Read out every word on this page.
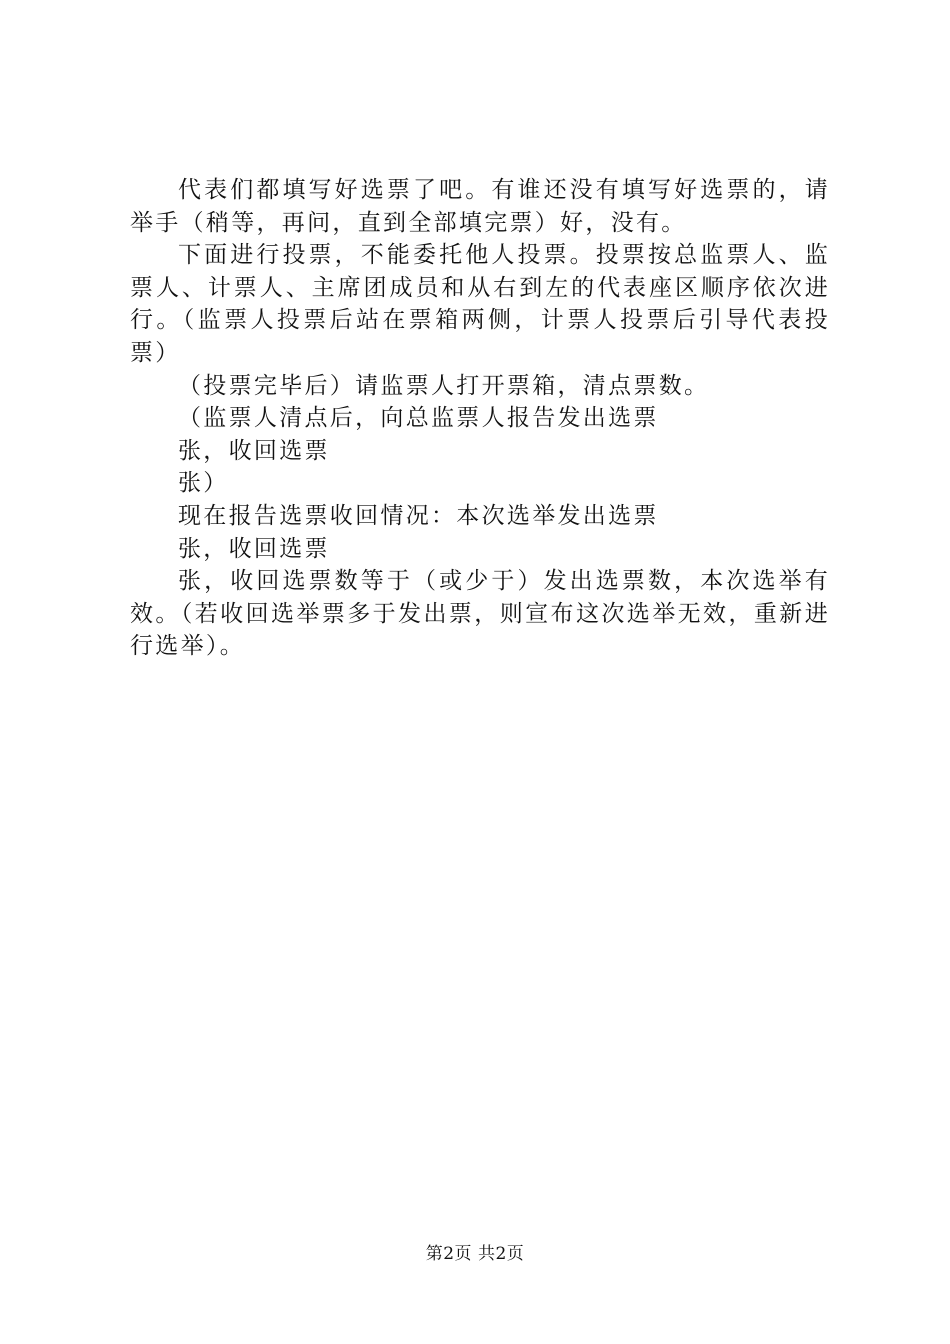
代表们都填写好选票了吧。有谁还没有填写好选票的，请举手（稍等，再问，直到全部填完票）好，没有。

下面进行投票，不能委托他人投票。投票按总监票人、监票人、计票人、主席团成员和从右到左的代表座区顺序依次进行。（监票人投票后站在票箱两侧，计票人投票后引导代表投票）

（投票完毕后）请监票人打开票箱，清点票数。

（监票人清点后，向总监票人报告发出选票

张，收回选票

张）

现在报告选票收回情况：本次选举发出选票

张，收回选票

张，收回选票数等于（或少于）发出选票数，本次选举有效。（若收回选举票多于发出票，则宣布这次选举无效，重新进行选举）。

第2页 共2页
